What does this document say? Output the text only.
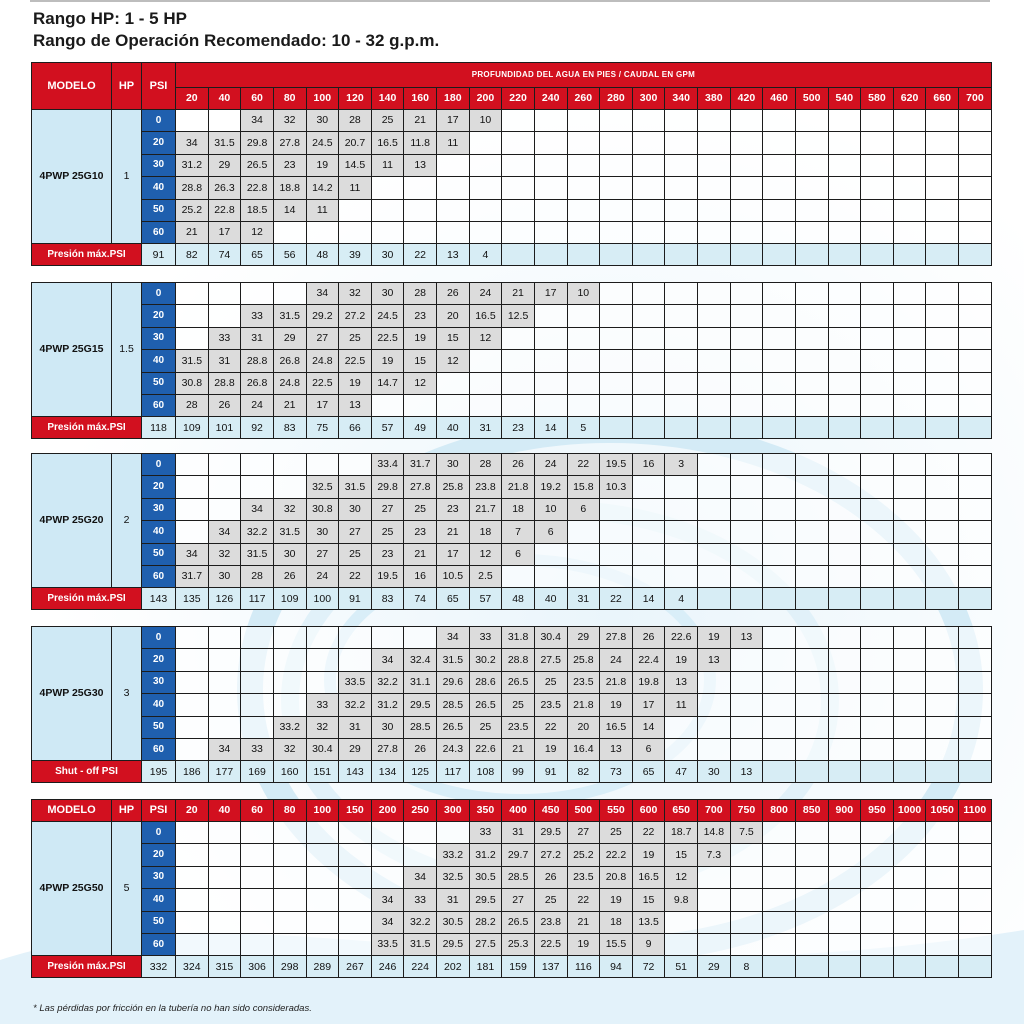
Rango HP: 1 - 5 HP
Rango de Operación Recomendado: 10 - 32 g.p.m.
MODELO	HP	PSI	PROFUNDIDAD DEL AGUA EN PIES / CAUDAL EN GPM																								
			20	40	60	80	100	120	140	160	180	200	220	240	260	280	300	340	380	420	460	500	540	580	620	660	700
4PWP 25G10	1	0			34	32	30	28	25	21	17	10															
		20	34	31.5	29.8	27.8	24.5	20.7	16.5	11.8	11																
		30	31.2	29	26.5	23	19	14.5	11	13																	
		40	28.8	26.3	22.8	18.8	14.2	11																			
		50	25.2	22.8	18.5	14	11																				
		60	21	17	12																						
Presión máx.PSI		91	82	74	65	56	48	39	30	22	13	4															
4PWP 25G15	1.5	0					34	32	30	28	26	24	21	17	10												
		20			33	31.5	29.2	27.2	24.5	23	20	16.5	12.5														
		30		33	31	29	27	25	22.5	19	15	12															
		40	31.5	31	28.8	26.8	24.8	22.5	19	15	12																
		50	30.8	28.8	26.8	24.8	22.5	19	14.7	12																	
		60	28	26	24	21	17	13																			
Presión máx.PSI		118	109	101	92	83	75	66	57	49	40	31	23	14	5												
4PWP 25G20	2	0							33.4	31.7	30	28	26	24	22	19.5	16	3									
		20					32.5	31.5	29.8	27.8	25.8	23.8	21.8	19.2	15.8	10.3											
		30			34	32	30.8	30	27	25	23	21.7	18	10	6												
		40		34	32.2	31.5	30	27	25	23	21	18	7	6													
		50	34	32	31.5	30	27	25	23	21	17	12	6														
		60	31.7	30	28	26	24	22	19.5	16	10.5	2.5															
Presión máx.PSI		143	135	126	117	109	100	91	83	74	65	57	48	40	31	22	14	4									
4PWP 25G30	3	0									34	33	31.8	30.4	29	27.8	26	22.6	19	13							
		20							34	32.4	31.5	30.2	28.8	27.5	25.8	24	22.4	19	13								
		30						33.5	32.2	31.1	29.6	28.6	26.5	25	23.5	21.8	19.8	13									
		40					33	32.2	31.2	29.5	28.5	26.5	25	23.5	21.8	19	17	11									
		50				33.2	32	31	30	28.5	26.5	25	23.5	22	20	16.5	14										
		60		34	33	32	30.4	29	27.8	26	24.3	22.6	21	19	16.4	13	6										
Shut - off PSI		195	186	177	169	160	151	143	134	125	117	108	99	91	82	73	65	47	30	13							
MODELO	HP	PSI	20	40	60	80	100	150	200	250	300	350	400	450	500	550	600	650	700	750	800	850	900	950	1000	1050	1100
4PWP 25G50	5	0										33	31	29.5	27	25	22	18.7	14.8	7.5							
		20									33.2	31.2	29.7	27.2	25.2	22.2	19	15	7.3								
		30								34	32.5	30.5	28.5	26	23.5	20.8	16.5	12									
		40							34	33	31	29.5	27	25	22	19	15	9.8									
		50							34	32.2	30.5	28.2	26.5	23.8	21	18	13.5										
		60							33.5	31.5	29.5	27.5	25.3	22.5	19	15.5	9										
Presión máx.PSI		332	324	315	306	298	289	267	246	224	202	181	159	137	116	94	72	51	29	8							

* Las pérdidas por fricción en la tubería no han sido consideradas.
